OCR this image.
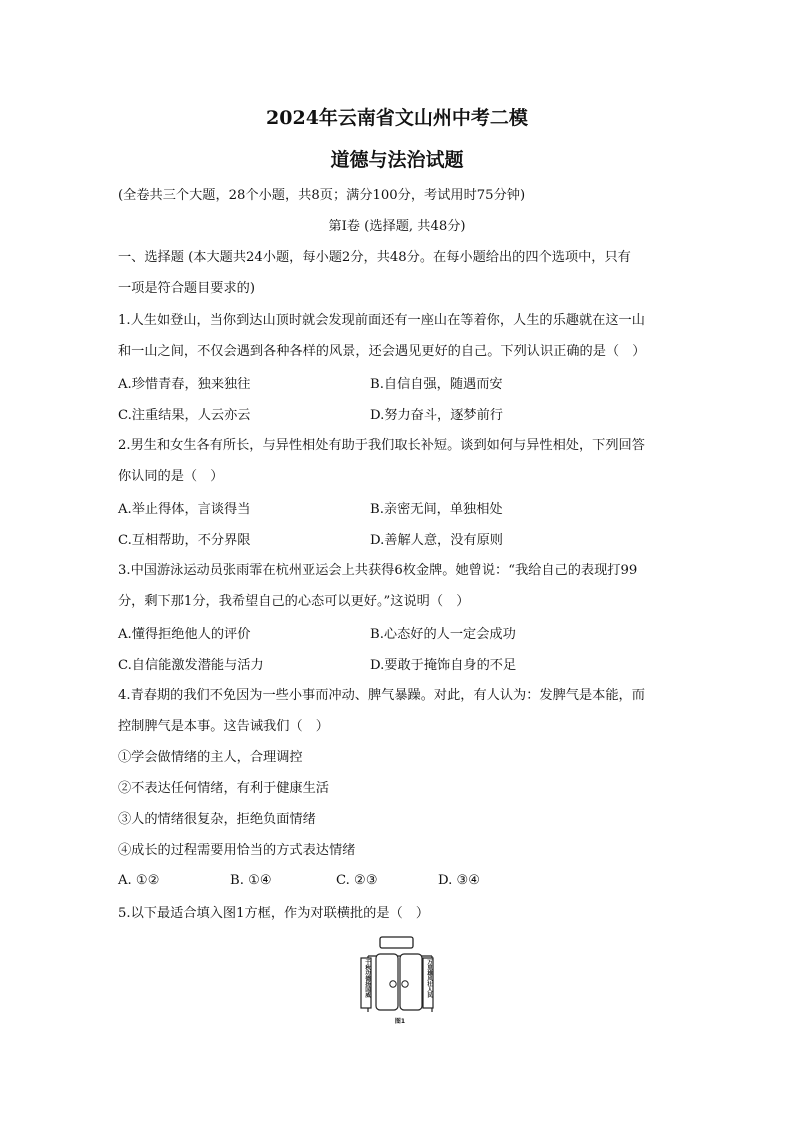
2024年云南省文山州中考二模
道德与法治试题
(全卷共三个大题，28个小题，共8页；满分100分，考试用时75分钟)
第Ⅰ卷 (选择题, 共48分)
一、选择题 (本大题共24小题，每小题2分，共48分。在每小题给出的四个选项中，只有
一项是符合题目要求的)
1.人生如登山，当你到达山顶时就会发现前面还有一座山在等着你，人生的乐趣就在这一山
和一山之间，不仅会遇到各种各样的风景，还会遇见更好的自己。下列认识正确的是（　）
A.珍惜青春，独来独往	B.自信自强，随遇而安
C.注重结果，人云亦云	D.努力奋斗，逐梦前行
2.男生和女生各有所长，与异性相处有助于我们取长补短。谈到如何与异性相处，下列回答
你认同的是（　）
A.举止得体，言谈得当	B.亲密无间，单独相处
C.互相帮助，不分界限	D.善解人意，没有原则
3.中国游泳运动员张雨霏在杭州亚运会上共获得6枚金牌。她曾说：“我给自己的表现打99
分，剩下那1分，我希望自己的心态可以更好。”这说明（　）
A.懂得拒绝他人的评价	B.心态好的人一定会成功
C.自信能激发潜能与活力	D.要敢于掩饰自身的不足
4.青春期的我们不免因为一些小事而冲动、脾气暴躁。对此，有人认为：发脾气是本能，而
控制脾气是本事。这告诫我们（　）
①学会做情绪的主人，合理调控
②不表达任何情绪，有利于健康生活
③人的情绪很复杂，拒绝负面情绪
④成长的过程需要用恰当的方式表达情绪
A. ①②	B. ①④	C. ②③	D. ③④
5.以下最适合填入图1方框，作为对联横批的是（　）
千秋功德扬国威	万里雄风壮人民
图1
